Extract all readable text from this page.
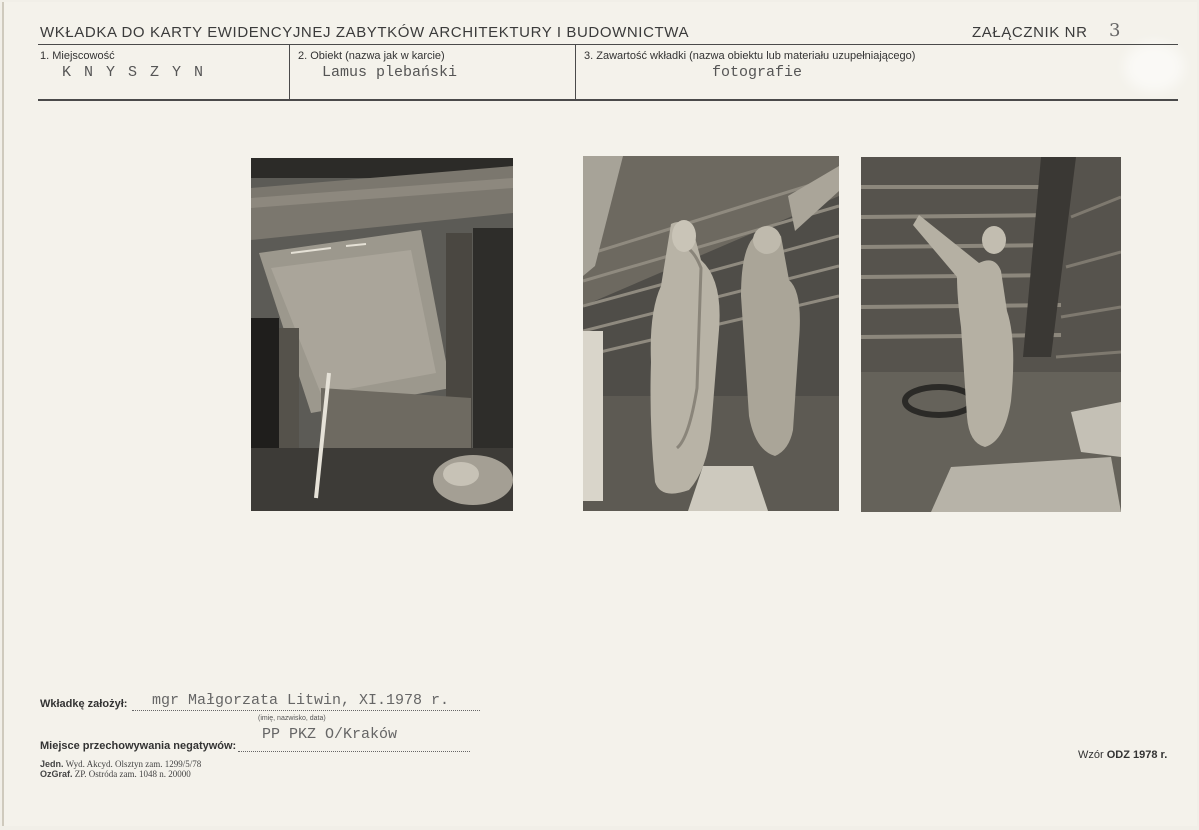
WKŁADKA DO KARTY EWIDENCYJNEJ ZABYTKÓW ARCHITEKTURY I BUDOWNICTWA	ZAŁĄCZNIK NR 3
1. Miejscowość
K N Y S Z Y N
2. Obiekt (nazwa jak w karcie)
Lamus plebański
3. Zawartość wkładki (nazwa obiektu lub materiału uzupełniającego)
fotografie
Wkładkę założył: mgr Małgorzata Litwin, XI.1978 r.
(imię, nazwisko, data)
Miejsce przechowywania negatywów:
PP PKZ O/Kraków
Jedn. Wyd. Akcyd. Olsztyn zam. 1299/5/78
OzGraf. ZP. Ostróda zam. 1048 n. 20000
Wzór ODZ 1978 r.
